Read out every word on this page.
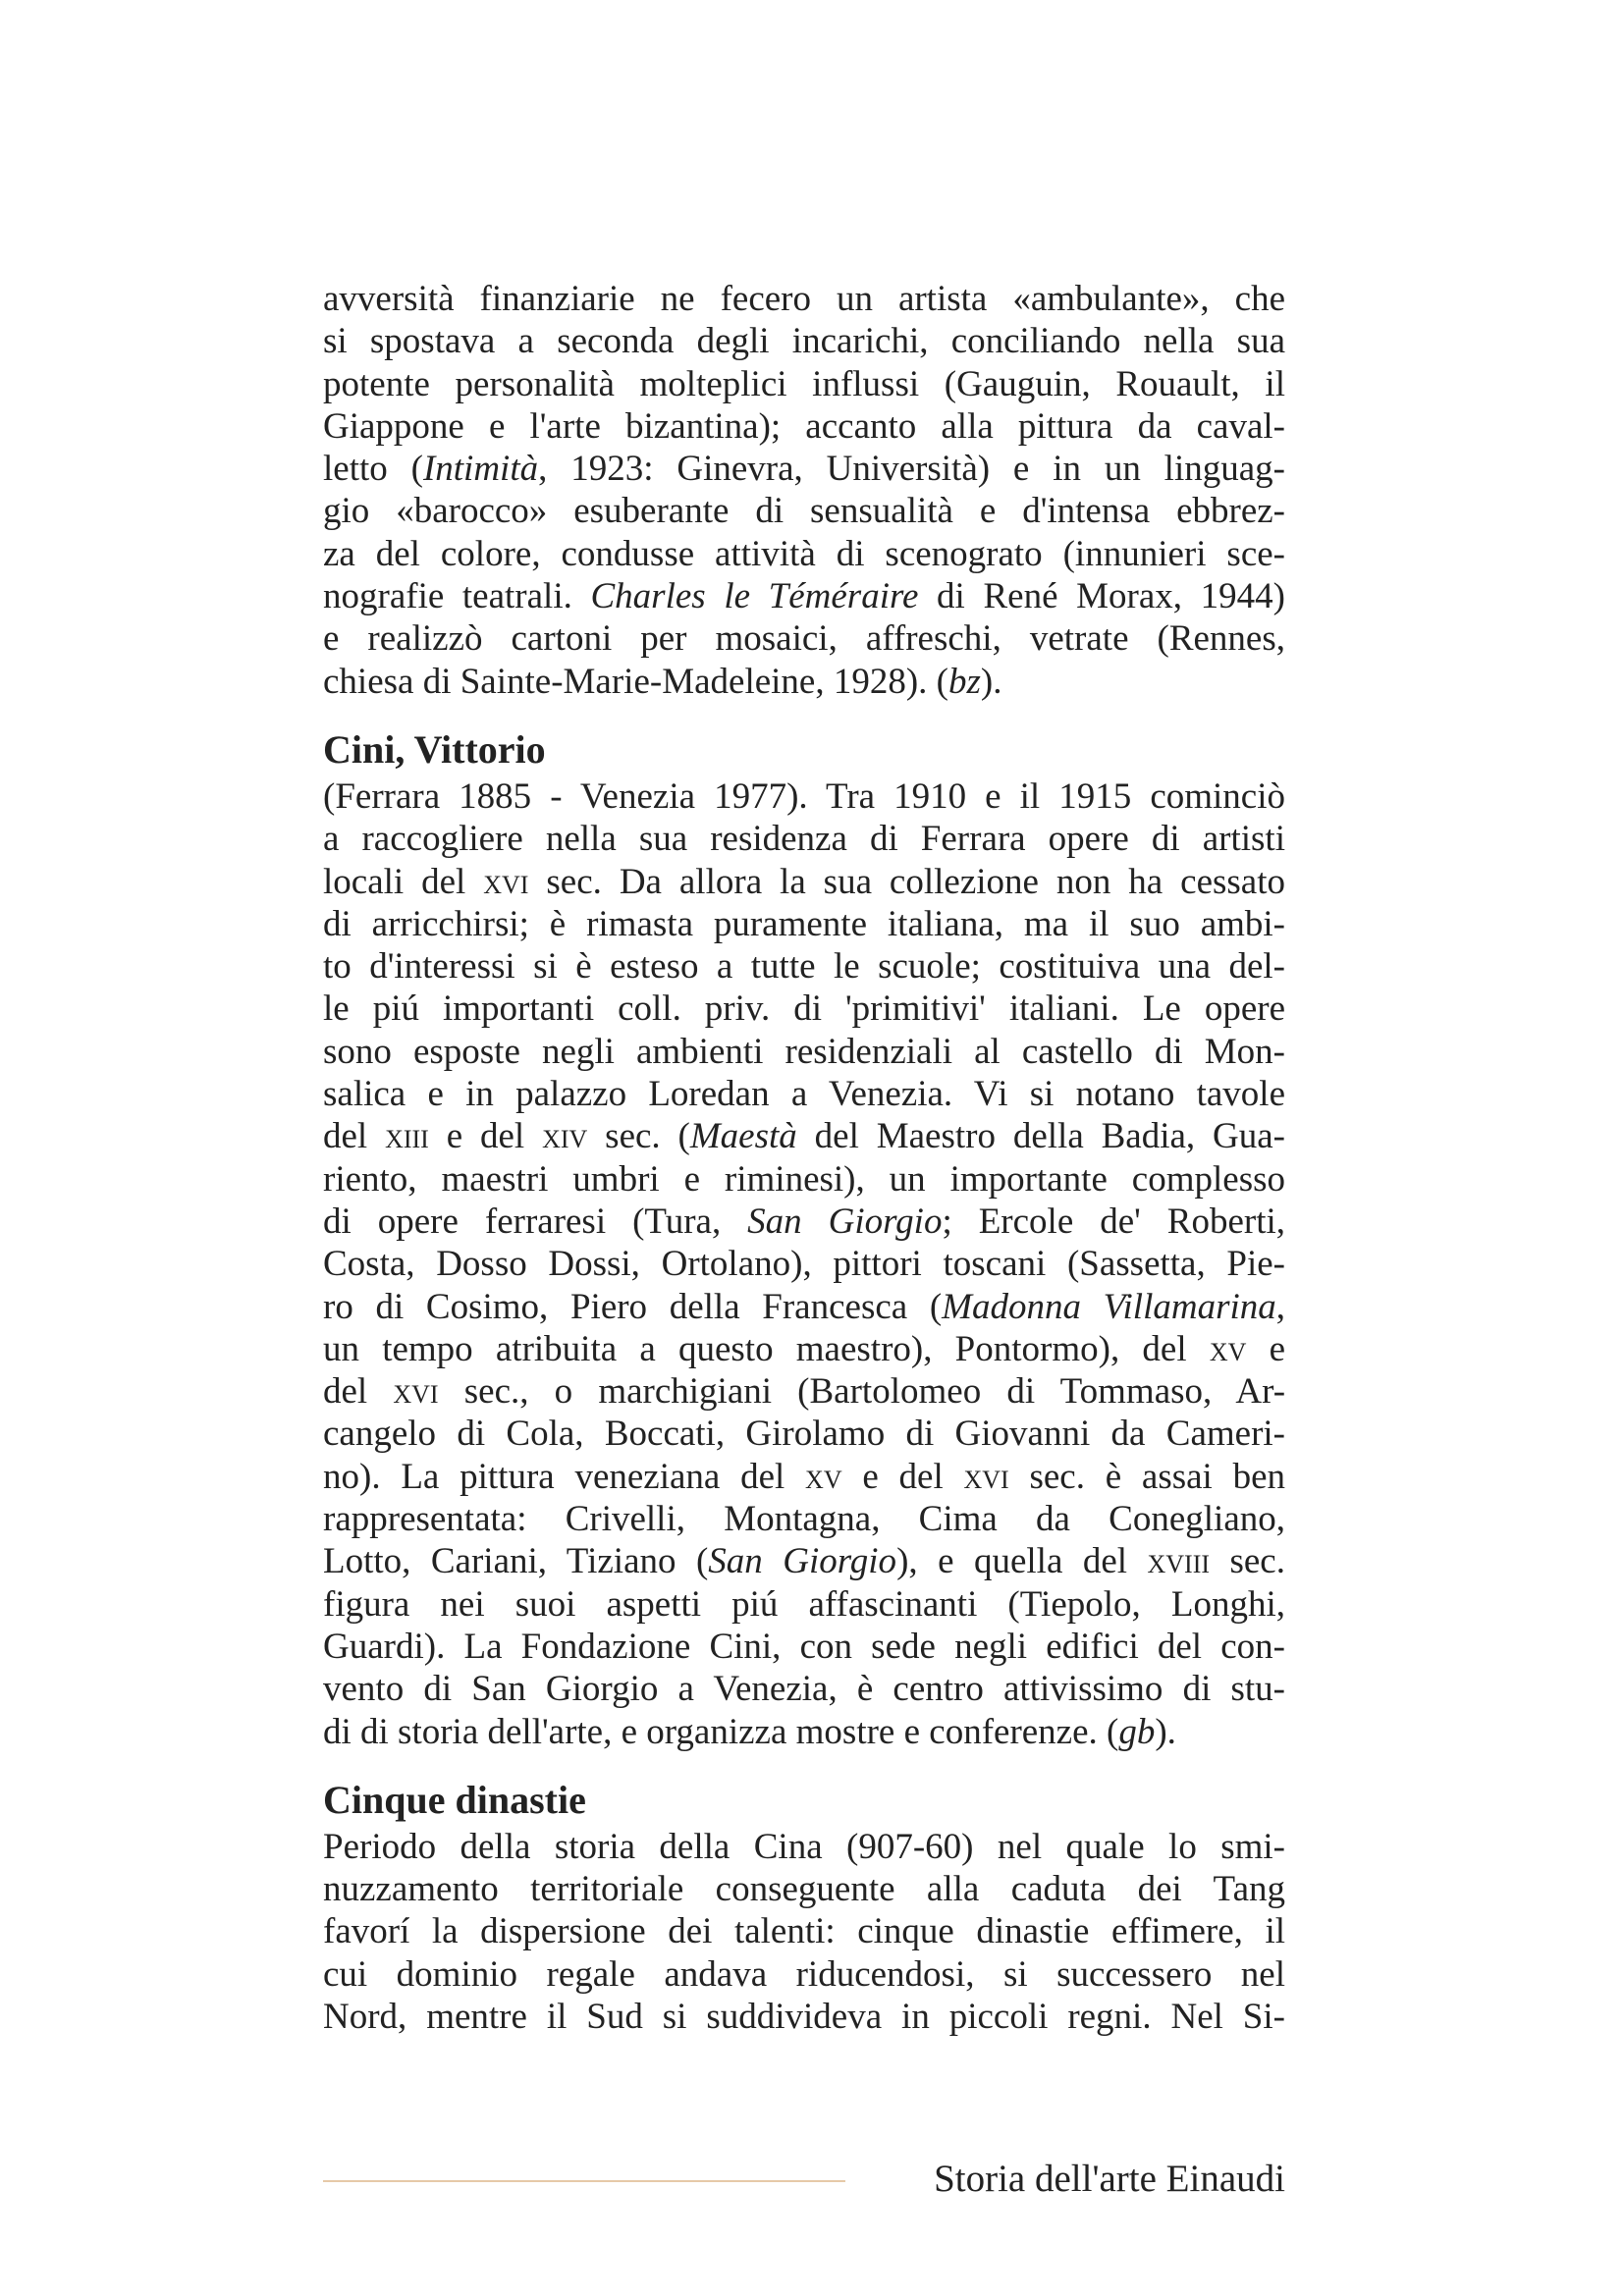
avversità finanziarie ne fecero un artista «ambulante», che
si spostava a seconda degli incarichi, conciliando nella sua
potente personalità molteplici influssi (Gauguin, Rouault, il
Giappone e l'arte bizantina); accanto alla pittura da caval-
letto (Intimità, 1923: Ginevra, Università) e in un linguag-
gio «barocco» esuberante di sensualità e d'intensa ebbrez-
za del colore, condusse attività di scenograto (innunieri sce-
nografie teatrali. Charles le Téméraire di René Morax, 1944)
e realizzò cartoni per mosaici, affreschi, vetrate (Rennes,
chiesa di Sainte-Marie-Madeleine, 1928). (bz).
Cini, Vittorio
(Ferrara 1885 - Venezia 1977). Tra 1910 e il 1915 cominciò
a raccogliere nella sua residenza di Ferrara opere di artisti
locali del xvi sec. Da allora la sua collezione non ha cessato
di arricchirsi; è rimasta puramente italiana, ma il suo ambi-
to d'interessi si è esteso a tutte le scuole; costituiva una del-
le piú importanti coll. priv. di 'primitivi' italiani. Le opere
sono esposte negli ambienti residenziali al castello di Mon-
salica e in palazzo Loredan a Venezia. Vi si notano tavole
del xiii e del xiv sec. (Maestà del Maestro della Badia, Gua-
riento, maestri umbri e riminesi), un importante complesso
di opere ferraresi (Tura, San Giorgio; Ercole de' Roberti,
Costa, Dosso Dossi, Ortolano), pittori toscani (Sassetta, Pie-
ro di Cosimo, Piero della Francesca (Madonna Villamarina,
un tempo atribuita a questo maestro), Pontormo), del xv e
del xvi sec., o marchigiani (Bartolomeo di Tommaso, Ar-
cangelo di Cola, Boccati, Girolamo di Giovanni da Cameri-
no). La pittura veneziana del xv e del xvi sec. è assai ben
rappresentata: Crivelli, Montagna, Cima da Conegliano,
Lotto, Cariani, Tiziano (San Giorgio), e quella del xviii sec.
figura nei suoi aspetti piú affascinanti (Tiepolo, Longhi,
Guardi). La Fondazione Cini, con sede negli edifici del con-
vento di San Giorgio a Venezia, è centro attivissimo di stu-
di di storia dell'arte, e organizza mostre e conferenze. (gb).
Cinque dinastie
Periodo della storia della Cina (907-60) nel quale lo smi-
nuzzamento territoriale conseguente alla caduta dei Tang
favorí la dispersione dei talenti: cinque dinastie effimere, il
cui dominio regale andava riducendosi, si successero nel
Nord, mentre il Sud si suddivideva in piccoli regni. Nel Si-
Storia dell'arte Einaudi
